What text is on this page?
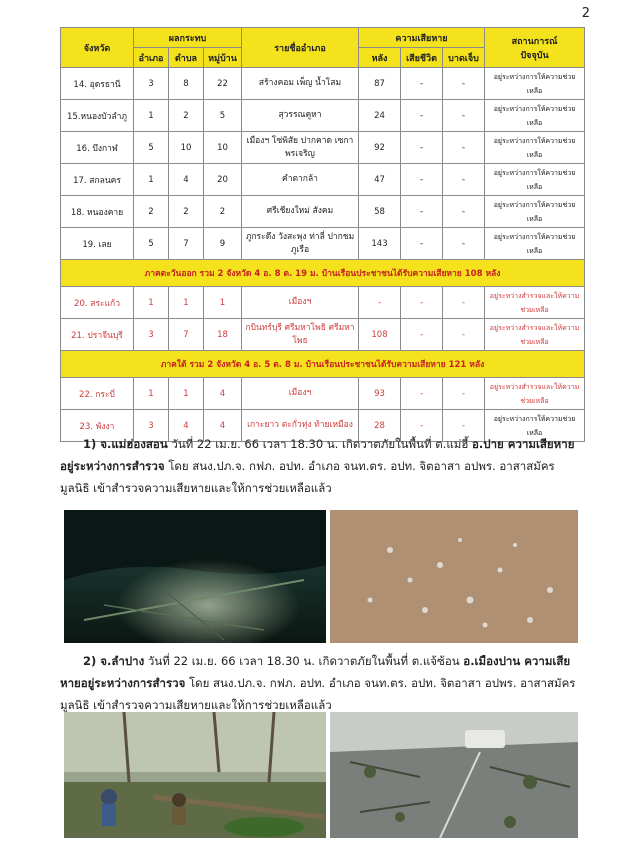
2
จังหวัด	ผลกระทบ			รายชื่ออำเภอ	ความเสียหาย			สถานการณ์
ปัจจุบัน

	อำเภอ	ตำบล	หมู่บ้าน		หลัง	เสียชีวิต	บาดเจ็บ	
14. อุดรธานี	3	8	22	สร้างคอม เพ็ญ น้ำโสม	87	-	-	อยู่ระหว่างการให้ความช่วยเหลือ
15.หนองบัวลำภู	1	2	5	สุวรรณคูหา	24	-	-	อยู่ระหว่างการให้ความช่วยเหลือ
16. บึงกาฬ	5	10	10	เมืองฯ โซ่พิสัย ปากคาด เซกา พรเจริญ	92	-	-	อยู่ระหว่างการให้ความช่วยเหลือ
17. สกลนคร	1	4	20	คำตากล้า	47	-	-	อยู่ระหว่างการให้ความช่วยเหลือ
18. หนองคาย	2	2	2	ศรีเชียงใหม่ สังคม	58	-	-	อยู่ระหว่างการให้ความช่วยเหลือ
19. เลย	5	7	9	ภูกระดึง วังสะพุง ท่าลี่ ปากชม ภูเรือ	143	-	-	อยู่ระหว่างการให้ความช่วยเหลือ
ภาคตะวันออก รวม 2 จังหวัด 4 อ. 8 ต. 19 ม. บ้านเรือนประชาชนได้รับความเสียหาย 108 หลัง								
20. สระแก้ว	1	1	1	เมืองฯ	-	-	-	อยู่ระหว่างสำรวจและให้ความช่วยเหลือ
21. ปราจีนบุรี	3	7	18	กบินทร์บุรี ศรีมหาโพธิ ศรีมหาโพธ	108	-	-	อยู่ระหว่างสำรวจและให้ความช่วยเหลือ
ภาคใต้ รวม 2 จังหวัด 4 อ. 5 ต. 8 ม. บ้านเรือนประชาชนได้รับความเสียหาย 121 หลัง								
22. กระบี่	1	1	4	เมืองฯ	93	-	-	อยู่ระหว่างสำรวจและให้ความช่วยเหลือ
23. พังงา	3	4	4	เกาะยาว ตะกั่วทุ่ง ท้ายเหมือง	28	-	-	อยู่ระหว่างการให้ความช่วยเหลือ
  1) จ.แม่ฮ่องสอน วันที่ 22 เม.ย. 66 เวลา 18.30 น. เกิดวาตภัยในพื้นที่ ต.แม่ฮี้ อ.ปาย ความเสียหายอยู่ระหว่างการสำรวจ โดย สนง.ปภ.จ. กฟภ. อปท. อำเภอ จนท.ตร. อปท. จิตอาสา อปพร. อาสาสมัคร มูลนิธิ เข้าสำรวจความเสียหายและให้การช่วยเหลือแล้ว
  2) จ.ลำปาง วันที่ 22 เม.ย. 66 เวลา 18.30 น. เกิดวาตภัยในพื้นที่ ต.แจ้ซ้อน อ.เมืองปาน ความเสียหายอยู่ระหว่างการสำรวจ โดย สนง.ปภ.จ. กฟภ. อปท. อำเภอ จนท.ตร. อปท. จิตอาสา อปพร. อาสาสมัคร มูลนิธิ เข้าสำรวจความเสียหายและให้การช่วยเหลือแล้ว
